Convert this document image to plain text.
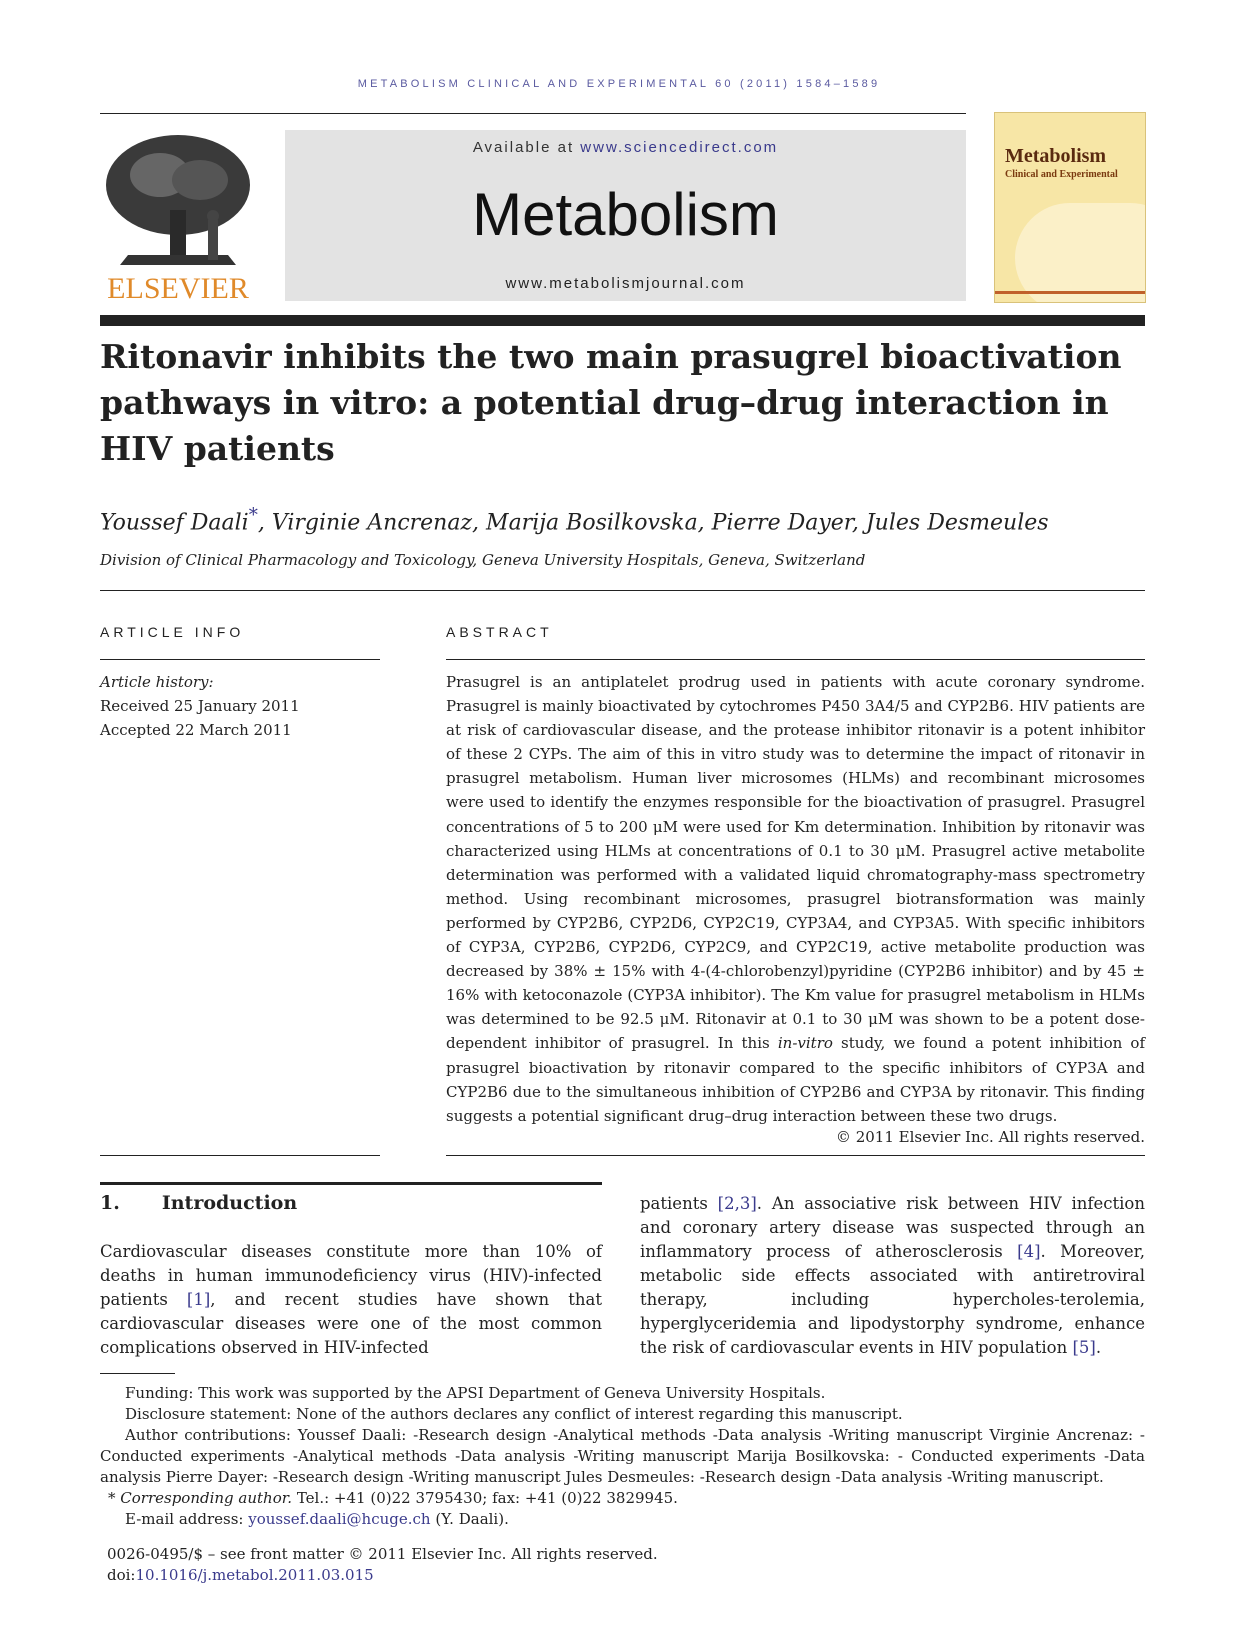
METABOLISM CLINICAL AND EXPERIMENTAL 60 (2011) 1584–1589
ELSEVIER
Available at www.sciencedirect.com
Metabolism
www.metabolismjournal.com
Metabolism
Clinical and Experimental
Ritonavir inhibits the two main prasugrel bioactivation pathways in vitro: a potential drug–drug interaction in HIV patients
Youssef Daali*, Virginie Ancrenaz, Marija Bosilkovska, Pierre Dayer, Jules Desmeules
Division of Clinical Pharmacology and Toxicology, Geneva University Hospitals, Geneva, Switzerland
ARTICLE INFO
Article history:
Received 25 January 2011
Accepted 22 March 2011
ABSTRACT
Prasugrel is an antiplatelet prodrug used in patients with acute coronary syndrome. Prasugrel is mainly bioactivated by cytochromes P450 3A4/5 and CYP2B6. HIV patients are at risk of cardiovascular disease, and the protease inhibitor ritonavir is a potent inhibitor of these 2 CYPs. The aim of this in vitro study was to determine the impact of ritonavir in prasugrel metabolism. Human liver microsomes (HLMs) and recombinant microsomes were used to identify the enzymes responsible for the bioactivation of prasugrel. Prasugrel concentrations of 5 to 200 μM were used for Km determination. Inhibition by ritonavir was characterized using HLMs at concentrations of 0.1 to 30 μM. Prasugrel active metabolite determination was performed with a validated liquid chromatography-mass spectrometry method. Using recombinant microsomes, prasugrel biotransformation was mainly performed by CYP2B6, CYP2D6, CYP2C19, CYP3A4, and CYP3A5. With specific inhibitors of CYP3A, CYP2B6, CYP2D6, CYP2C9, and CYP2C19, active metabolite production was decreased by 38% ± 15% with 4-(4-chlorobenzyl)pyridine (CYP2B6 inhibitor) and by 45 ± 16% with ketoconazole (CYP3A inhibitor). The Km value for prasugrel metabolism in HLMs was determined to be 92.5 μM. Ritonavir at 0.1 to 30 μM was shown to be a potent dose-dependent inhibitor of prasugrel. In this in-vitro study, we found a potent inhibition of prasugrel bioactivation by ritonavir compared to the specific inhibitors of CYP3A and CYP2B6 due to the simultaneous inhibition of CYP2B6 and CYP3A by ritonavir. This finding suggests a potential significant drug–drug interaction between these two drugs.
© 2011 Elsevier Inc. All rights reserved.
1. Introduction
Cardiovascular diseases constitute more than 10% of deaths in human immunodeficiency virus (HIV)-infected patients [1], and recent studies have shown that cardiovascular diseases were one of the most common complications observed in HIV-infected
patients [2,3]. An associative risk between HIV infection and coronary artery disease was suspected through an inflammatory process of atherosclerosis [4]. Moreover, metabolic side effects associated with antiretroviral therapy, including hypercholes-terolemia, hyperglyceridemia and lipodystorphy syndrome, enhance the risk of cardiovascular events in HIV population [5].

Funding: This work was supported by the APSI Department of Geneva University Hospitals.

Disclosure statement: None of the authors declares any conflict of interest regarding this manuscript.

Author contributions: Youssef Daali: -Research design -Analytical methods -Data analysis -Writing manuscript Virginie Ancrenaz: -Conducted experiments -Analytical methods -Data analysis -Writing manuscript Marija Bosilkovska: - Conducted experiments -Data analysis Pierre Dayer: -Research design -Writing manuscript Jules Desmeules: -Research design -Data analysis -Writing manuscript.

* Corresponding author. Tel.: +41 (0)22 3795430; fax: +41 (0)22 3829945.

E-mail address: youssef.daali@hcuge.ch (Y. Daali).

0026-0495/$ – see front matter © 2011 Elsevier Inc. All rights reserved.

doi:10.1016/j.metabol.2011.03.015
